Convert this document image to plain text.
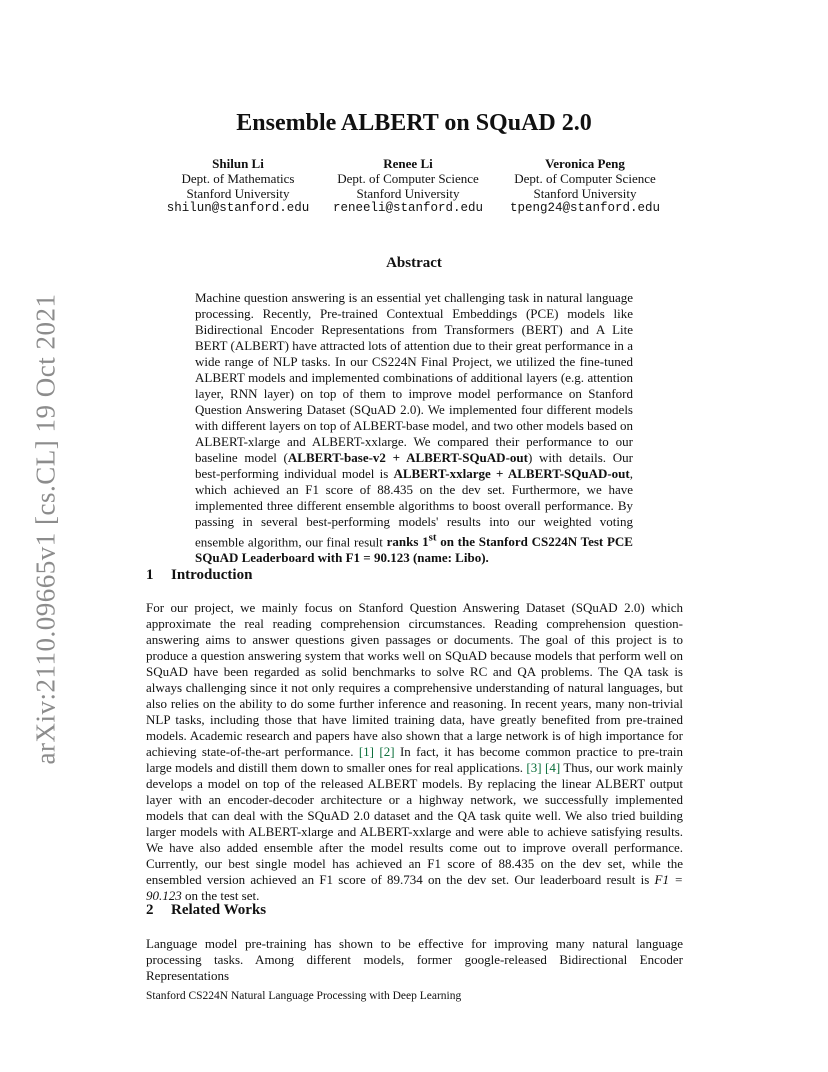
arXiv:2110.09665v1 [cs.CL] 19 Oct 2021
Ensemble ALBERT on SQuAD 2.0
Shilun Li
Dept. of Mathematics
Stanford University
shilun@stanford.edu
Renee Li
Dept. of Computer Science
Stanford University
reneeli@stanford.edu
Veronica Peng
Dept. of Computer Science
Stanford University
tpeng24@stanford.edu
Abstract
Machine question answering is an essential yet challenging task in natural language processing. Recently, Pre-trained Contextual Embeddings (PCE) models like Bidirectional Encoder Representations from Transformers (BERT) and A Lite BERT (ALBERT) have attracted lots of attention due to their great performance in a wide range of NLP tasks. In our CS224N Final Project, we utilized the fine-tuned ALBERT models and implemented combinations of additional layers (e.g. attention layer, RNN layer) on top of them to improve model performance on Stanford Question Answering Dataset (SQuAD 2.0). We implemented four different models with different layers on top of ALBERT-base model, and two other models based on ALBERT-xlarge and ALBERT-xxlarge. We compared their performance to our baseline model (ALBERT-base-v2 + ALBERT-SQuAD-out) with details. Our best-performing individual model is ALBERT-xxlarge + ALBERT-SQuAD-out, which achieved an F1 score of 88.435 on the dev set. Furthermore, we have implemented three different ensemble algorithms to boost overall performance. By passing in several best-performing models' results into our weighted voting ensemble algorithm, our final result ranks 1st on the Stanford CS224N Test PCE SQuAD Leaderboard with F1 = 90.123 (name: Libo).
1 Introduction
For our project, we mainly focus on Stanford Question Answering Dataset (SQuAD 2.0) which approximate the real reading comprehension circumstances. Reading comprehension question-answering aims to answer questions given passages or documents. The goal of this project is to produce a question answering system that works well on SQuAD because models that perform well on SQuAD have been regarded as solid benchmarks to solve RC and QA problems. The QA task is always challenging since it not only requires a comprehensive understanding of natural languages, but also relies on the ability to do some further inference and reasoning. In recent years, many non-trivial NLP tasks, including those that have limited training data, have greatly benefited from pre-trained models. Academic research and papers have also shown that a large network is of high importance for achieving state-of-the-art performance. [1] [2] In fact, it has become common practice to pre-train large models and distill them down to smaller ones for real applications. [3] [4] Thus, our work mainly develops a model on top of the released ALBERT models. By replacing the linear ALBERT output layer with an encoder-decoder architecture or a highway network, we successfully implemented models that can deal with the SQuAD 2.0 dataset and the QA task quite well. We also tried building larger models with ALBERT-xlarge and ALBERT-xxlarge and were able to achieve satisfying results. We have also added ensemble after the model results come out to improve overall performance. Currently, our best single model has achieved an F1 score of 88.435 on the dev set, while the ensembled version achieved an F1 score of 89.734 on the dev set. Our leaderboard result is F1 = 90.123 on the test set.
2 Related Works
Language model pre-training has shown to be effective for improving many natural language processing tasks. Among different models, former google-released Bidirectional Encoder Representations
Stanford CS224N Natural Language Processing with Deep Learning
